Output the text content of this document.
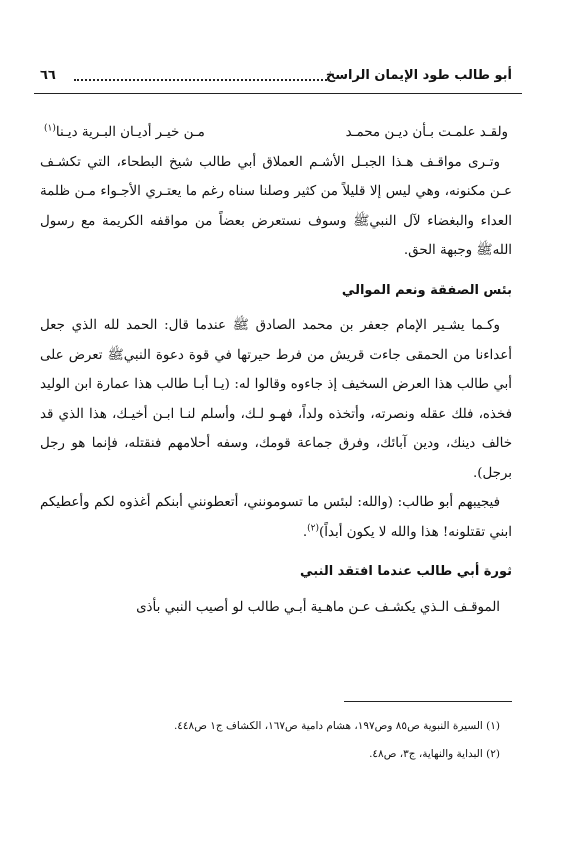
أبو طالب طود الإيمان الراسخ
٦٦
ولقـد علمـت بـأن ديـن محمـد
مـن خيـر أديـان البـرية ديـنا$^{(١)}$

وتـرى مواقـف هـذا الجبـل الأشـم العملاق أبي طالب شيخ البطحاء، التي تكشـف عـن مكنونه، وهي ليس إلا قليلاً من كثير وصلنا سناه رغم ما يعتـري الأجـواء مـن ظلمة العداء والبغضاء لآل النبيﷺ وسوف نستعرض بعضاً من مواقفه الكريمة مع رسول اللهﷺ وجبهة الحق.

بئس الصفقة ونعم الموالي

وكـما يشـير الإمام جعفر بن محمد الصادق ﷺ عندما قال: الحمد لله الذي جعل أعداءنا من الحمقى جاءت قريش من فرط حيرتها في قوة دعوة النبيﷺ تعرض على أبي طالب هذا العرض السخيف إذ جاءوه وقالوا له: (يـا أبـا طالب هذا عمارة ابن الوليد فخذه، فلك عقله ونصرته، وأتخذه ولداً، فهـو لـك، وأسلم لنـا ابـن أخيـك، هذا الذي قد خالف دينك، ودين آبائك، وفرق جماعة قومك، وسفه أحلامهم فنقتله، فإنما هو رجل برجل).

فيجيبهم أبو طالب: (والله: لبئس ما تسومونني، أتعطونني أبنكم أغذوه لكم وأعطيكم ابني تقتلونه! هذا والله لا يكون أبداً)$^{(٢)}$.

ثورة أبي طالب عندما افتقد النبي

الموقـف الـذي يكشـف عـن ماهـية أبـي طالب لو أصيب النبي بأذى

(١) السيرة النبوية ص٨٥ وص١٩٧، هشام دامية ص١٦٧، الكشاف ج١ ص٤٤٨.

(٢) البداية والنهاية، ج٣، ص٤٨.
